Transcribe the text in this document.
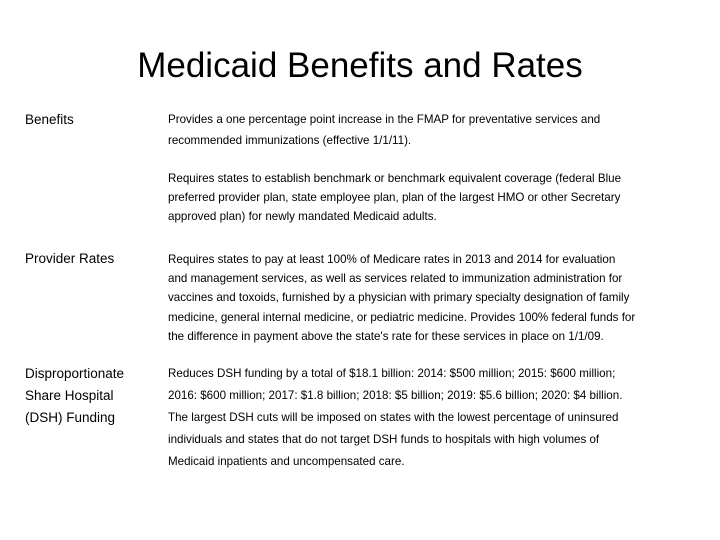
Medicaid Benefits and Rates
Benefits	Provides a one percentage point increase in the FMAP for preventative services and
recommended immunizations (effective 1/1/11).

Requires states to establish benchmark or benchmark equivalent coverage (federal Blue
preferred provider plan, state employee plan, plan of the largest HMO or other Secretary
approved plan) for newly mandated Medicaid adults.

Provider Rates	Requires states to pay at least 100% of Medicare rates in 2013 and 2014 for evaluation
and management services, as well as services related to immunization administration for
vaccines and toxoids, furnished by a physician with primary specialty designation of family
medicine, general internal medicine, or pediatric medicine. Provides 100% federal funds for
the difference in payment above the state's rate for these services in place on 1/1/09.

Disproportionate
Share Hospital
(DSH) Funding

Reduces DSH funding by a total of $18.1 billion: 2014: $500 million; 2015: $600 million;
2016: $600 million; 2017: $1.8 billion; 2018: $5 billion; 2019: $5.6 billion; 2020: $4 billion.
The largest DSH cuts will be imposed on states with the lowest percentage of uninsured
individuals and states that do not target DSH funds to hospitals with high volumes of
Medicaid inpatients and uncompensated care.
